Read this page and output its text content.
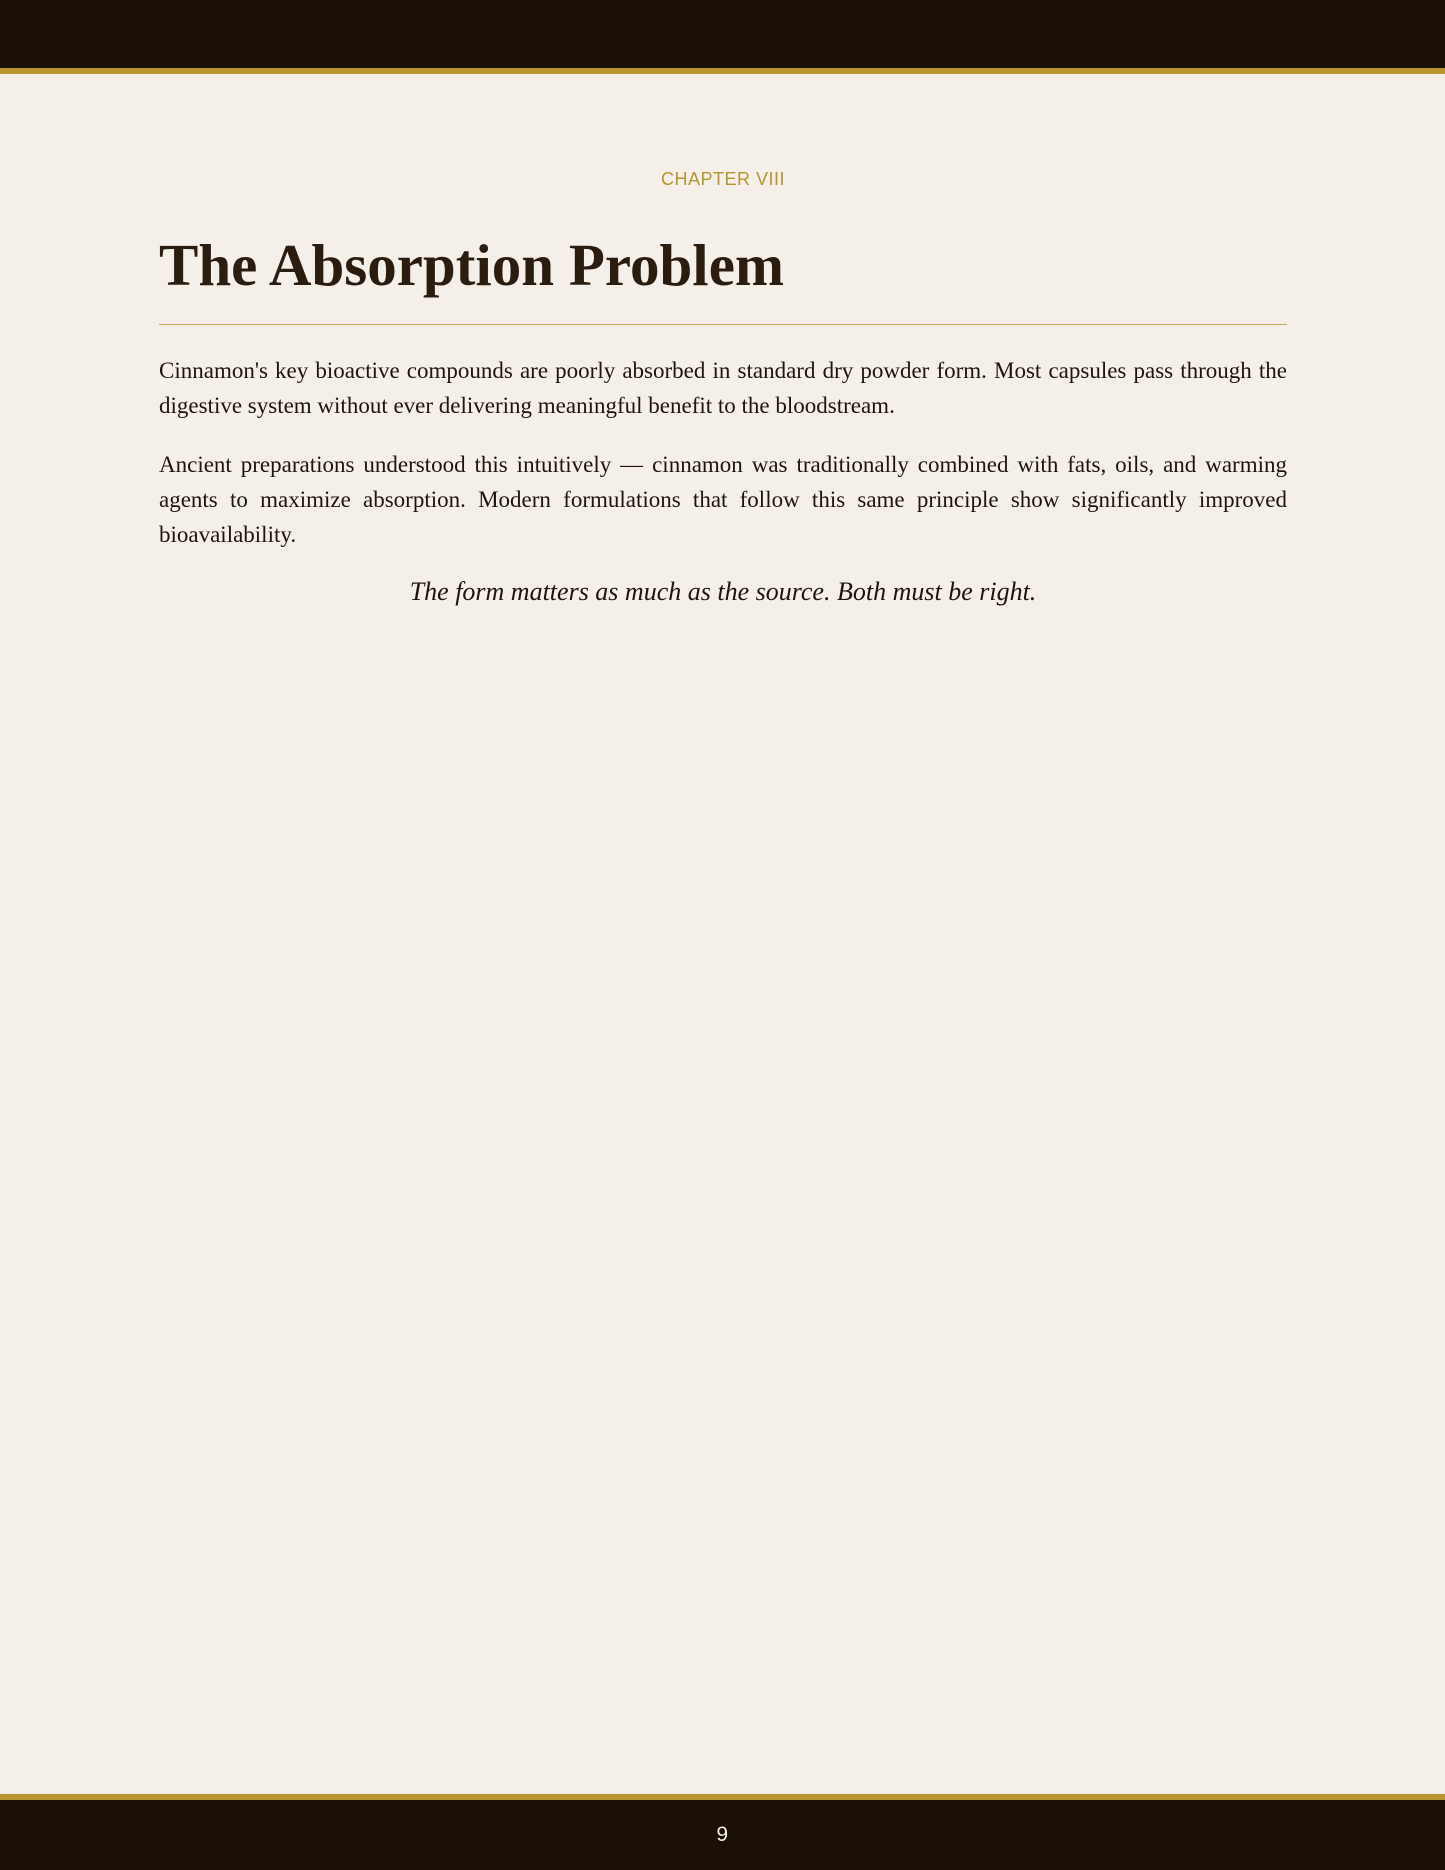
CHAPTER VIII

The Absorption Problem

Cinnamon's key bioactive compounds are poorly absorbed in standard dry powder form. Most capsules pass through the digestive system without ever delivering meaningful benefit to the bloodstream.

Ancient preparations understood this intuitively — cinnamon was traditionally combined with fats, oils, and warming agents to maximize absorption. Modern formulations that follow this same principle show significantly improved bioavailability.

The form matters as much as the source. Both must be right.

9
